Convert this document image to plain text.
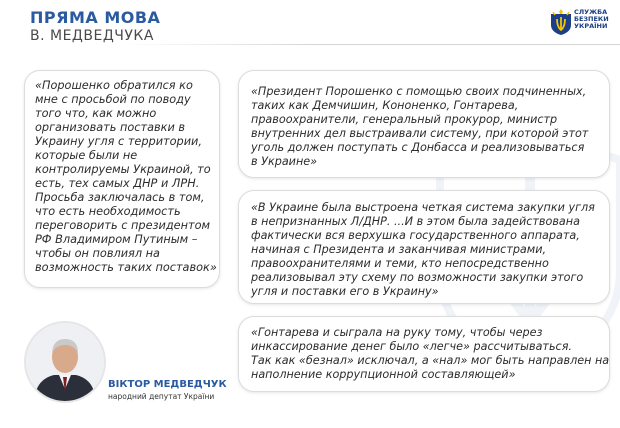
ПРЯМА МОВА
В. МЕДВЕДЧУКА
СЛУЖБА
БЕЗПЕКИ
УКРАЇНИ
«Порошенко обратился ко
мне с просьбой по поводу
того что, как можно
организовать поставки в
Украину угля с территории,
которые были не
контролируемы Украиной, то
есть, тех самых ДНР и ЛРН.
Просьба заключалась в том,
что есть необходимость
переговорить с президентом
РФ Владимиром Путиным –
чтобы он повлиял на
возможность таких поставок»
«Президент Порошенко с помощью своих подчиненных,
таких как Демчишин, Кононенко, Гонтарева,
правоохранители, генеральный прокурор, министр
внутренних дел выстраивали систему, при которой этот
уголь должен поступать с Донбасса и реализовываться
в Украине»
«В Украине была выстроена четкая система закупки угля
в непризнанных Л/ДНР. ...И в этом была задействована
фактически вся верхушка государственного аппарата,
начиная с Президента и заканчивая министрами,
правоохранителями и теми, кто непосредственно
реализовывал эту схему по возможности закупки этого
угля и поставки его в Украину»
«Гонтарева и сыграла на руку тому, чтобы через
инкассирование денег было «легче» рассчитываться.
Так как «безнал» исключал, а «нал» мог быть направлен на
наполнение коррупционной составляющей»
ВІКТОР МЕДВЕДЧУК
народний депутат України
